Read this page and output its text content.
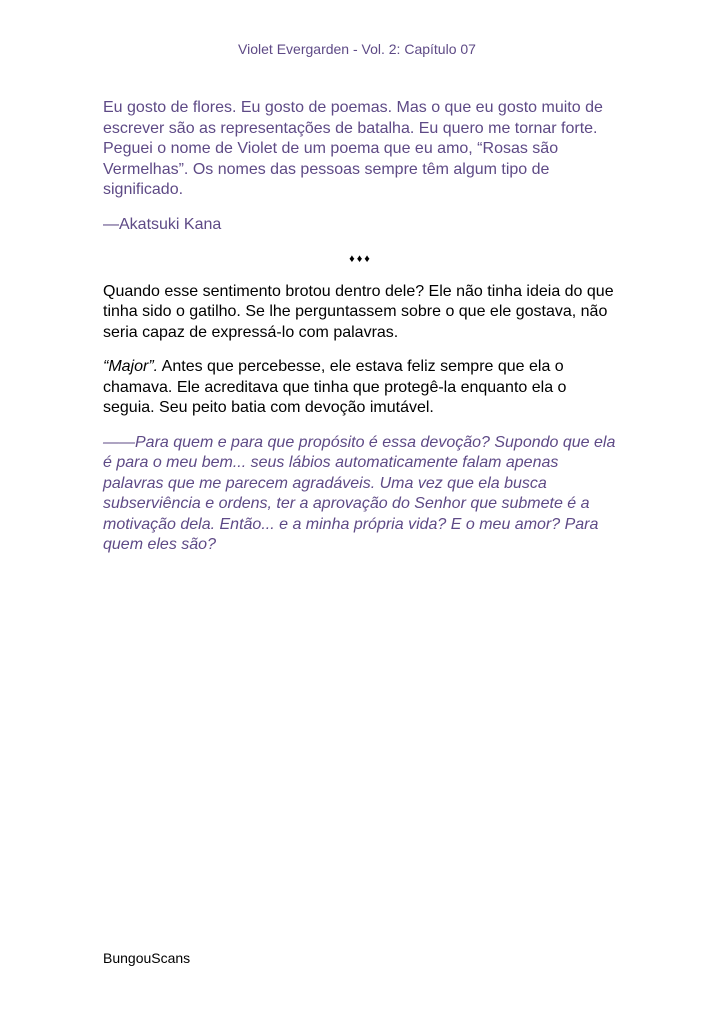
Violet Evergarden - Vol. 2: Capítulo 07

Eu gosto de flores. Eu gosto de poemas. Mas o que eu gosto muito de escrever são as representações de batalha. Eu quero me tornar forte. Peguei o nome de Violet de um poema que eu amo, “Rosas são Vermelhas”. Os nomes das pessoas sempre têm algum tipo de significado.

—Akatsuki Kana

♦♦♦

Quando esse sentimento brotou dentro dele? Ele não tinha ideia do que tinha sido o gatilho. Se lhe perguntassem sobre o que ele gostava, não seria capaz de expressá-lo com palavras.

“Major”. Antes que percebesse, ele estava feliz sempre que ela o chamava. Ele acreditava que tinha que protegê-la enquanto ela o seguia. Seu peito batia com devoção imutável.

——Para quem e para que propósito é essa devoção? Supondo que ela é para o meu bem... seus lábios automaticamente falam apenas palavras que me parecem agradáveis. Uma vez que ela busca subserviência e ordens, ter a aprovação do Senhor que submete é a motivação dela. Então... e a minha própria vida? E o meu amor? Para quem eles são?

BungouScans
